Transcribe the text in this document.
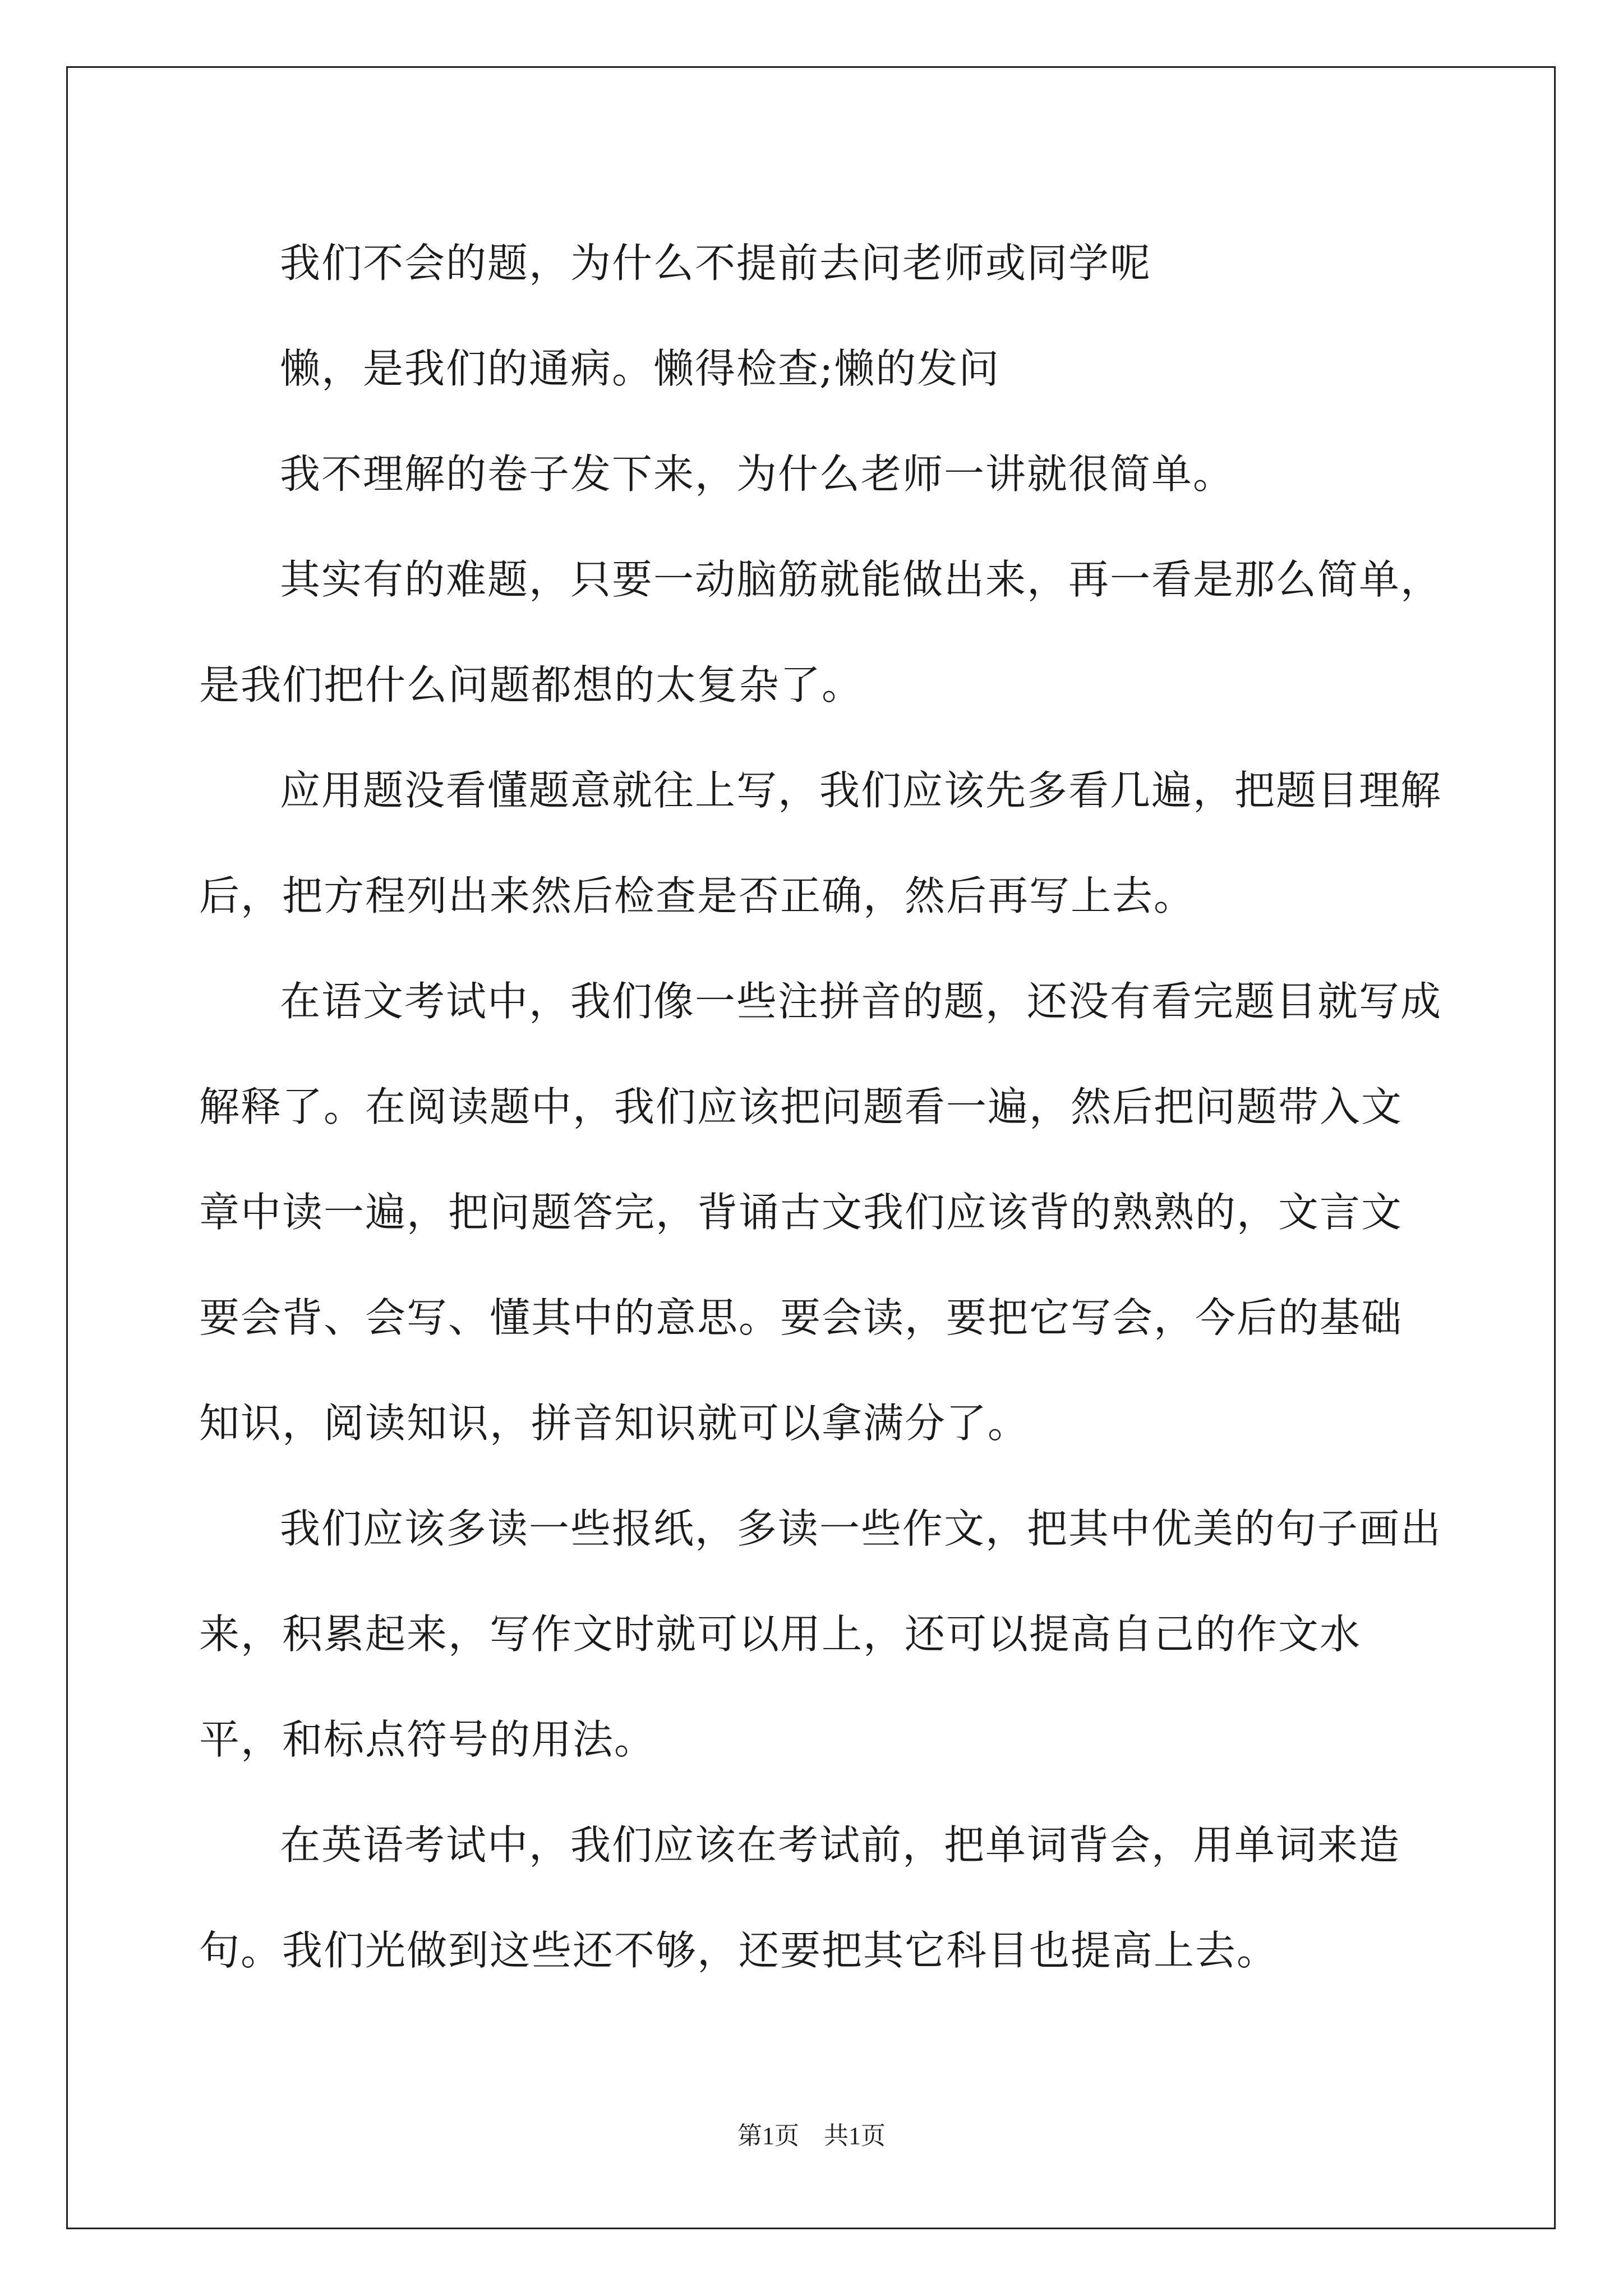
我们不会的题，为什么不提前去问老师或同学呢

懒，是我们的通病。懒得检查;懒的发问

我不理解的卷子发下来，为什么老师一讲就很简单。

其实有的难题，只要一动脑筋就能做出来，再一看是那么简单，是我们把什么问题都想的太复杂了。

应用题没看懂题意就往上写，我们应该先多看几遍，把题目理解后，把方程列出来然后检查是否正确，然后再写上去。

在语文考试中，我们像一些注拼音的题，还没有看完题目就写成解释了。在阅读题中，我们应该把问题看一遍，然后把问题带入文章中读一遍，把问题答完，背诵古文我们应该背的熟熟的，文言文要会背、会写、懂其中的意思。要会读，要把它写会，今后的基础知识，阅读知识，拼音知识就可以拿满分了。

我们应该多读一些报纸，多读一些作文，把其中优美的句子画出来，积累起来，写作文时就可以用上，还可以提高自己的作文水平，和标点符号的用法。

在英语考试中，我们应该在考试前，把单词背会，用单词来造句。我们光做到这些还不够，还要把其它科目也提高上去。

第1页 共1页
